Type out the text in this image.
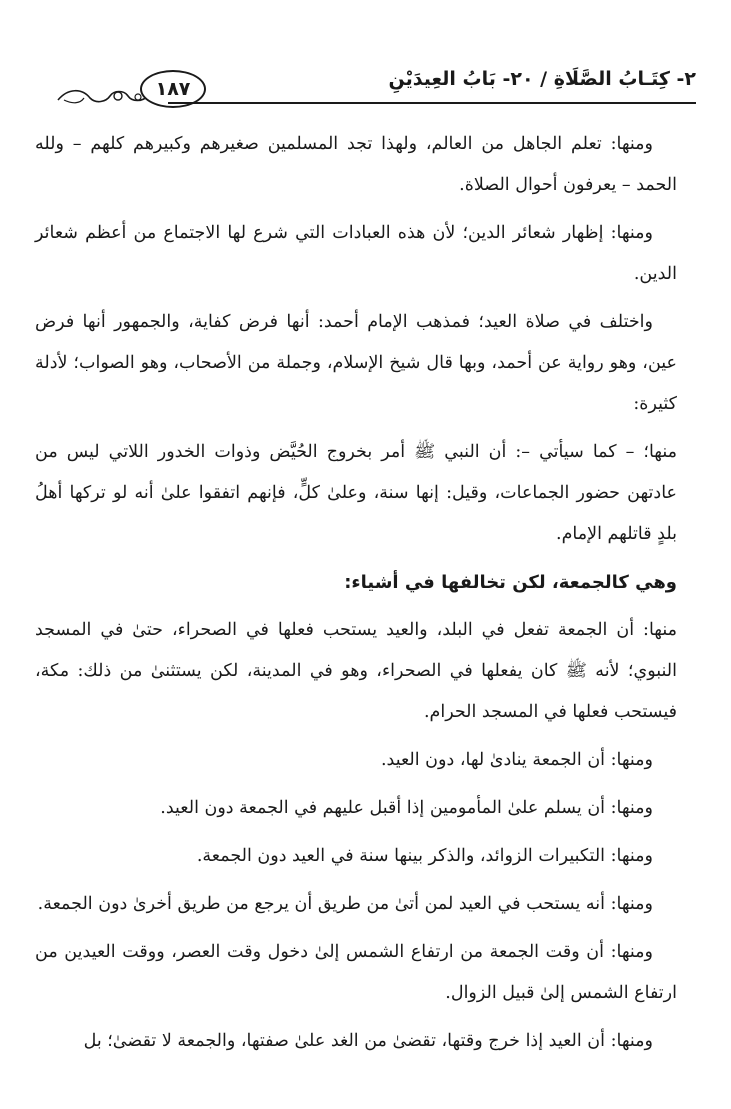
١٨٧	٢- كِتَـابُ الصَّلَاةِ / ٢٠- بَابُ العِيدَيْنِ

ومنها: تعلم الجاهل من العالم، ولهذا تجد المسلمين صغيرهم وكبيرهم كلهم – ولله الحمد – يعرفون أحوال الصلاة.

ومنها: إظهار شعائر الدين؛ لأن هذه العبادات التي شرع لها الاجتماع من أعظم شعائر الدين.

واختلف في صلاة العيد؛ فمذهب الإمام أحمد: أنها فرض كفاية، والجمهور أنها فرض عين، وهو رواية عن أحمد، وبها قال شيخ الإسلام، وجملة من الأصحاب، وهو الصواب؛ لأدلة كثيرة:

منها؛ – كما سيأتي –: أن النبي ﷺ أمر بخروج الحُيَّض وذوات الخدور اللاتي ليس من عادتهن حضور الجماعات، وقيل: إنها سنة، وعلىٰ كلٍّ، فإنهم اتفقوا علىٰ أنه لو تركها أهلُ بلدٍ قاتلهم الإمام.

وهي كالجمعة، لكن تخالفها في أشياء:

منها: أن الجمعة تفعل في البلد، والعيد يستحب فعلها في الصحراء، حتىٰ في المسجد النبوي؛ لأنه ﷺ كان يفعلها في الصحراء، وهو في المدينة، لكن يستثنىٰ من ذلك: مكة، فيستحب فعلها في المسجد الحرام.

ومنها: أن الجمعة ينادىٰ لها، دون العيد.

ومنها: أن يسلم علىٰ المأمومين إذا أقبل عليهم في الجمعة دون العيد.

ومنها: التكبيرات الزوائد، والذكر بينها سنة في العيد دون الجمعة.

ومنها: أنه يستحب في العيد لمن أتىٰ من طريق أن يرجع من طريق أخرىٰ دون الجمعة.

ومنها: أن وقت الجمعة من ارتفاع الشمس إلىٰ دخول وقت العصر، ووقت العيدين من ارتفاع الشمس إلىٰ قبيل الزوال.

ومنها: أن العيد إذا خرج وقتها، تقضىٰ من الغد علىٰ صفتها، والجمعة لا تقضىٰ؛ بل
